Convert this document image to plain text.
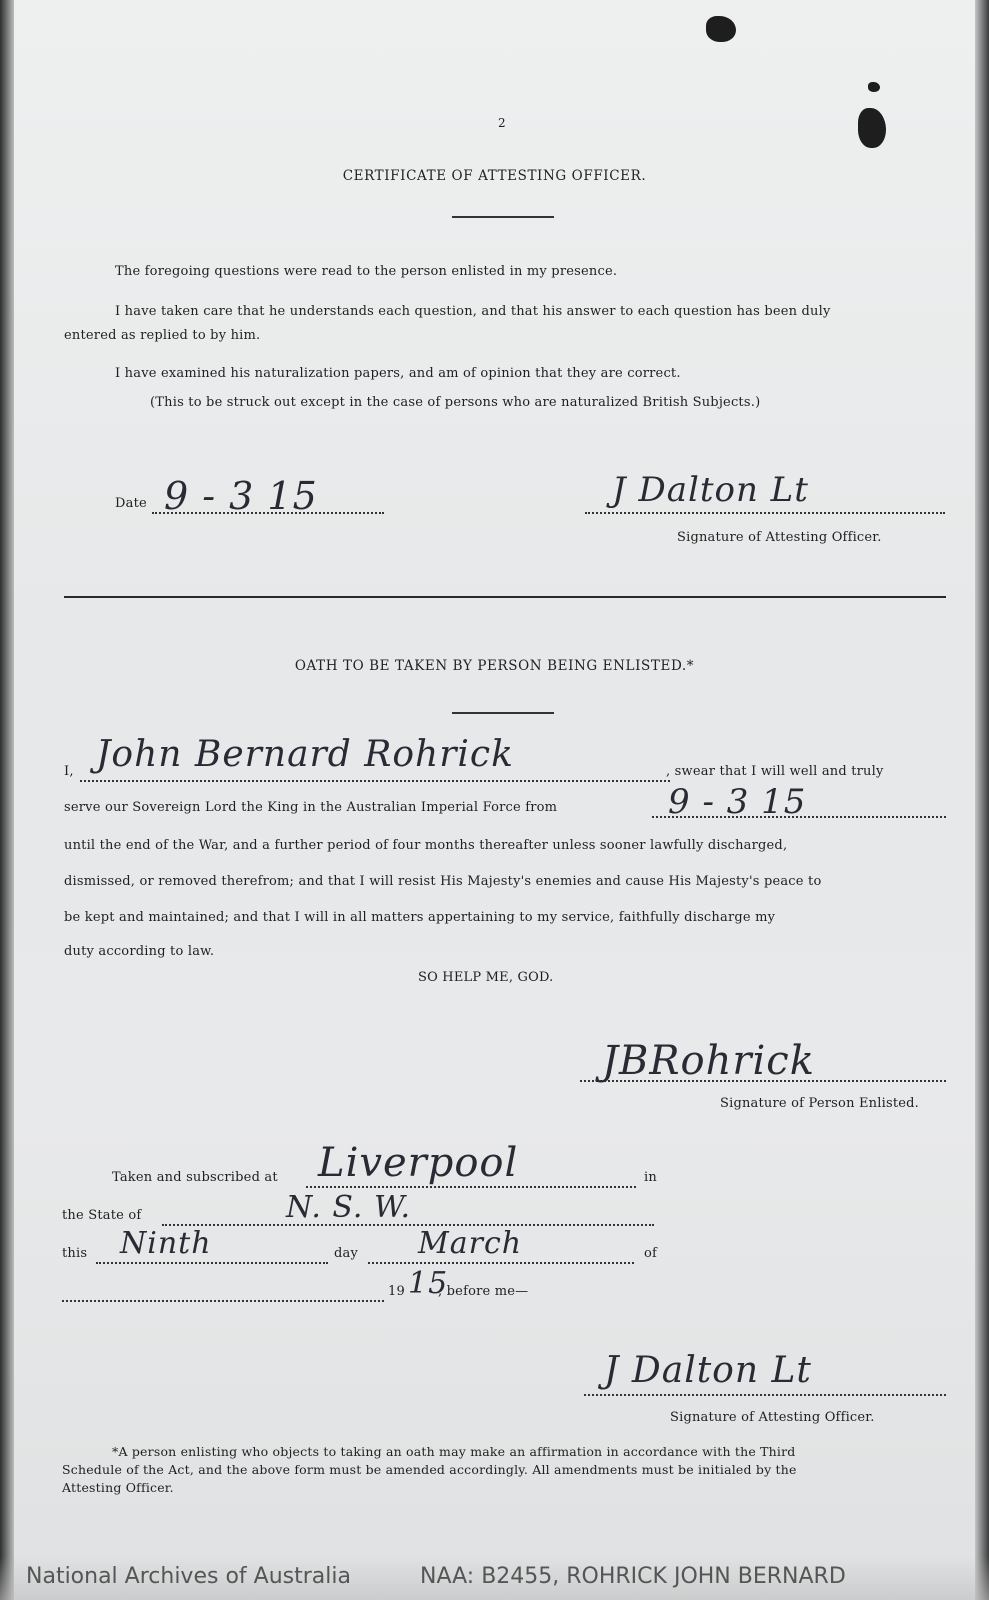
2
CERTIFICATE OF ATTESTING OFFICER.
The foregoing questions were read to the person enlisted in my presence.
I have taken care that he understands each question, and that his answer to each question has been duly
entered as replied to by him.
I have examined his naturalization papers, and am of opinion that they are correct.
(This to be struck out except in the case of persons who are naturalized British Subjects.)
Date 9 - 3 15	J Dalton Lt
Signature of Attesting Officer.
OATH TO BE TAKEN BY PERSON BEING ENLISTED.*
I, John Bernard Rohrick	, swear that I will well and truly
serve our Sovereign Lord the King in the Australian Imperial Force from	9 - 3 15
until the end of the War, and a further period of four months thereafter unless sooner lawfully discharged,
dismissed, or removed therefrom; and that I will resist His Majesty's enemies and cause His Majesty's peace to
be kept and maintained; and that I will in all matters appertaining to my service, faithfully discharge my
duty according to law.
SO HELP ME, GOD.
JBRohrick
Signature of Person Enlisted.
Taken and subscribed at Liverpool	in
the State of	N. S. W.
this Ninth	day March	of
19 15
, before me—
J Dalton Lt
Signature of Attesting Officer.
*A person enlisting who objects to taking an oath may make an affirmation in accordance with the Third
Schedule of the Act, and the above form must be amended accordingly. All amendments must be initialed by the
Attesting Officer.
National Archives of Australia	NAA: B2455, ROHRICK JOHN BERNARD
